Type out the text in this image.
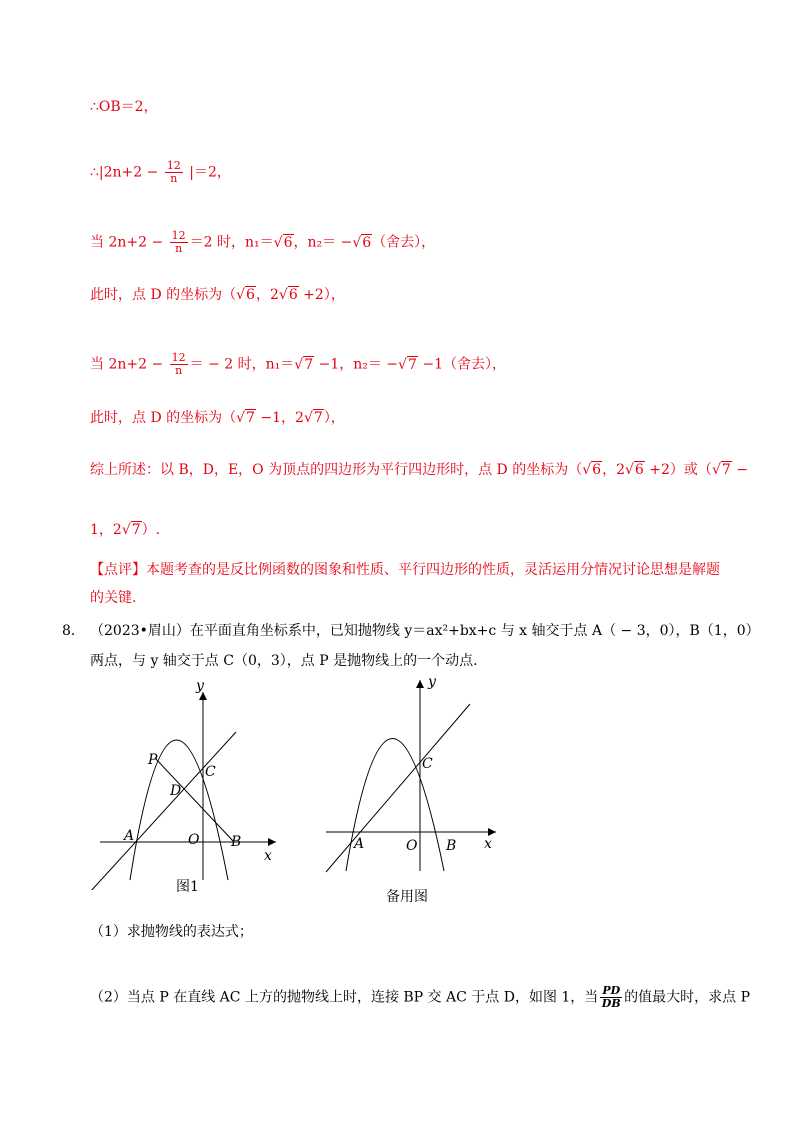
∴OB＝2，
∴|2n+2 − $\frac{12}{n} |=2$，
当 $2n+2 - \frac{12}{n} =2$ 时，n₁＝√6，n₂＝ −√6（舍去），
此时，点 D 的坐标为（√6，2√6 +2），
当 $2n+2 - \frac{12}{n}$ ＝ − 2 时，n₁＝√7 −1，n₂＝ −√7 −1（舍去），
此时，点 D 的坐标为（√7 −1，2√7），
综上所述：以 B，D，E，O 为顶点的四边形为平行四边形时，点 D 的坐标为（√6，2√6 +2）或（√7 −
1，2√7）.
【点评】本题考查的是反比例函数的图象和性质、平行四边形的性质，灵活运用分情况讨论思想是解题
的关键.
8. （2023•眉山）在平面直角坐标系中，已知抛物线 y＝ax²+bx+c 与 x 轴交于点 A（ − 3，0），B（1，0）
两点，与 y 轴交于点 C（0，3），点 P 是抛物线上的一个动点.
y
x
A	B
C
D
O
P
图1
y
x
A	B
C
O
备用图
（1）求抛物线的表达式；
（2）当点 P 在直线 AC 上方的抛物线上时，连接 BP 交 AC 于点 D，如图 1，当 $\frac{PD}{DB}$ 的值最大时，求点 P
